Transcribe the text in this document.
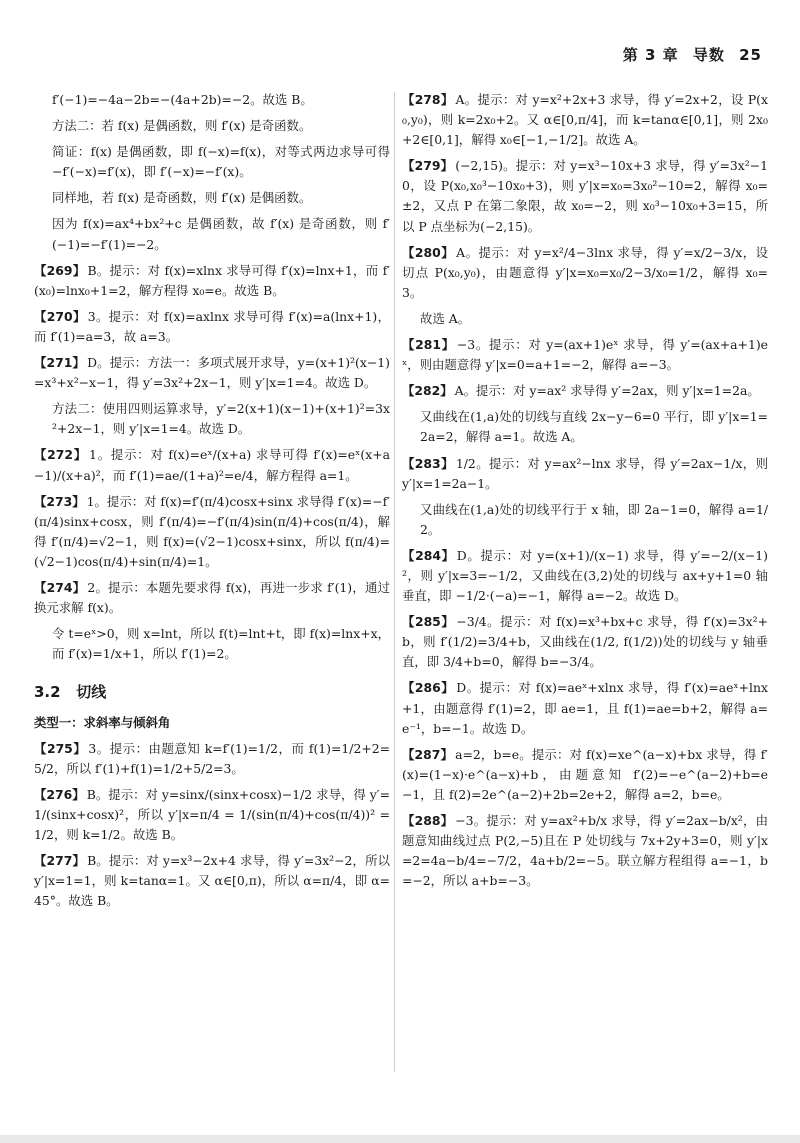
第 3 章 导数 25

f′(−1)=−4a−2b=−(4a+2b)=−2。故选 B。

方法二：若 f(x) 是偶函数，则 f′(x) 是奇函数。

简证：f(x) 是偶函数，即 f(−x)=f(x)，对等式两边求导可得 −f′(−x)=f′(x)，即 f′(−x)=−f′(x)。

同样地，若 f(x) 是奇函数，则 f′(x) 是偶函数。

因为 f(x)=ax⁴+bx²+c 是偶函数，故 f′(x) 是奇函数，则 f′(−1)=−f′(1)=−2。

【269】 B。提示：对 f(x)=xlnx 求导可得 f′(x)=lnx+1，而 f′(x₀)=lnx₀+1=2，解方程得 x₀=e。故选 B。

【270】 3。提示：对 f(x)=axlnx 求导可得 f′(x)=a(lnx+1)，而 f′(1)=a=3，故 a=3。

【271】 D。提示：方法一：多项式展开求导，y=(x+1)²(x−1)=x³+x²−x−1，得 y′=3x²+2x−1，则 y′|x=1=4。故选 D。

方法二：使用四则运算求导，y′=2(x+1)(x−1)+(x+1)²=3x²+2x−1，则 y′|x=1=4。故选 D。

【272】 1。提示：对 f(x)=eˣ/(x+a) 求导可得 f′(x)=eˣ(x+a−1)/(x+a)²，而 f′(1)=ae/(1+a)²=e/4，解方程得 a=1。

【273】 1。提示：对 f(x)=f′(π/4)cosx+sinx 求导得 f′(x)=−f′(π/4)sinx+cosx，则 f′(π/4)=−f′(π/4)sin(π/4)+cos(π/4)，解得 f′(π/4)=√2−1，则 f(x)=(√2−1)cosx+sinx，所以 f(π/4)=(√2−1)cos(π/4)+sin(π/4)=1。

【274】 2。提示：本题先要求得 f(x)，再进一步求 f′(1)，通过换元求解 f(x)。

令 t=eˣ>0，则 x=lnt，所以 f(t)=lnt+t，即 f(x)=lnx+x，而 f′(x)=1/x+1，所以 f′(1)=2。

3.2 切线
类型一：求斜率与倾斜角

【275】 3。提示：由题意知 k=f′(1)=1/2，而 f(1)=1/2+2=5/2，所以 f′(1)+f(1)=1/2+5/2=3。

【276】 B。提示：对 y=sinx/(sinx+cosx)−1/2 求导，得 y′=1/(sinx+cosx)²，所以 y′|x=π/4 = 1/(sin(π/4)+cos(π/4))² = 1/2，则 k=1/2。故选 B。

【277】 B。提示：对 y=x³−2x+4 求导，得 y′=3x²−2，所以 y′|x=1=1，则 k=tanα=1。又 α∈[0,π)，所以 α=π/4，即 α=45°。故选 B。

【278】 A。提示：对 y=x²+2x+3 求导，得 y′=2x+2，设 P(x₀,y₀)，则 k=2x₀+2。又 α∈[0,π/4]，而 k=tanα∈[0,1]，则 2x₀+2∈[0,1]，解得 x₀∈[−1,−1/2]。故选 A。

【279】 (−2,15)。提示：对 y=x³−10x+3 求导，得 y′=3x²−10，设 P(x₀,x₀³−10x₀+3)，则 y′|x=x₀=3x₀²−10=2，解得 x₀=±2，又点 P 在第二象限，故 x₀=−2，则 x₀³−10x₀+3=15，所以 P 点坐标为(−2,15)。

【280】 A。提示：对 y=x²/4−3lnx 求导，得 y′=x/2−3/x，设切点 P(x₀,y₀)，由题意得 y′|x=x₀=x₀/2−3/x₀=1/2，解得 x₀=3。

故选 A。

【281】 −3。提示：对 y=(ax+1)eˣ 求导，得 y′=(ax+a+1)eˣ，则由题意得 y′|x=0=a+1=−2，解得 a=−3。

【282】 A。提示：对 y=ax² 求导得 y′=2ax，则 y′|x=1=2a。

又曲线在(1,a)处的切线与直线 2x−y−6=0 平行，即 y′|x=1=2a=2，解得 a=1。故选 A。

【283】 1/2。提示：对 y=ax²−lnx 求导，得 y′=2ax−1/x，则 y′|x=1=2a−1。

又曲线在(1,a)处的切线平行于 x 轴，即 2a−1=0，解得 a=1/2。

【284】 D。提示：对 y=(x+1)/(x−1) 求导，得 y′=−2/(x−1)²，则 y′|x=3=−1/2，又曲线在(3,2)处的切线与 ax+y+1=0 轴垂直，即 −1/2·(−a)=−1，解得 a=−2。故选 D。

【285】 −3/4。提示：对 f(x)=x³+bx+c 求导，得 f′(x)=3x²+b，则 f′(1/2)=3/4+b，又曲线在(1/2, f(1/2))处的切线与 y 轴垂直，即 3/4+b=0，解得 b=−3/4。

【286】 D。提示：对 f(x)=aeˣ+xlnx 求导，得 f′(x)=aeˣ+lnx+1，由题意得 f′(1)=2，即 ae=1，且 f(1)=ae=b+2，解得 a=e⁻¹，b=−1。故选 D。

【287】 a=2，b=e。提示：对 f(x)=xe^(a−x)+bx 求导，得 f′(x)=(1−x)·e^(a−x)+b，由题意知 f′(2)=−e^(a−2)+b=e−1，且 f(2)=2e^(a−2)+2b=2e+2，解得 a=2，b=e。

【288】 −3。提示：对 y=ax²+b/x 求导，得 y′=2ax−b/x²，由题意知曲线过点 P(2,−5)且在 P 处切线与 7x+2y+3=0，则 y′|x=2=4a−b/4=−7/2，4a+b/2=−5。联立解方程组得 a=−1，b=−2，所以 a+b=−3。
